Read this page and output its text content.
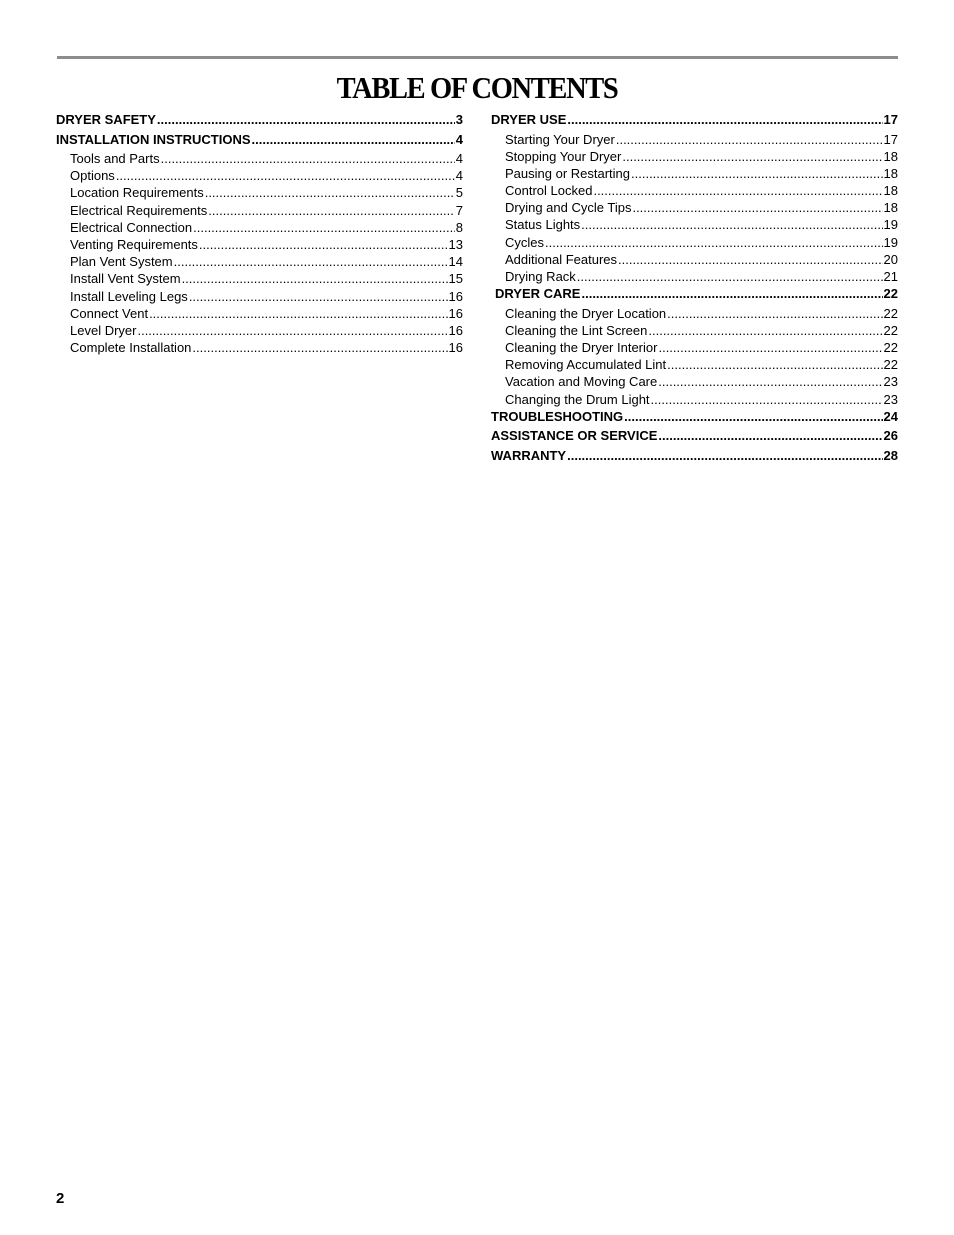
TABLE OF CONTENTS
DRYER SAFETY .....	3
INSTALLATION INSTRUCTIONS .....	4
Tools and Parts .....	4
Options .....	4
Location Requirements .....	5
Electrical Requirements .....	7
Electrical Connection .....	8
Venting Requirements .....	13
Plan Vent System .....	14
Install Vent System .....	15
Install Leveling Legs .....	16
Connect Vent .....	16
Level Dryer .....	16
Complete Installation .....	16
DRYER USE .....	17
Starting Your Dryer .....	17
Stopping Your Dryer .....	18
Pausing or Restarting .....	18
Control Locked .....	18
Drying and Cycle Tips .....	18
Status Lights .....	19
Cycles .....	19
Additional Features .....	20
Drying Rack .....	21
DRYER CARE .....	22
Cleaning the Dryer Location .....	22
Cleaning the Lint Screen .....	22
Cleaning the Dryer Interior .....	22
Removing Accumulated Lint .....	22
Vacation and Moving Care .....	23
Changing the Drum Light .....	23
TROUBLESHOOTING .....	24
ASSISTANCE OR SERVICE .....	26
WARRANTY .....	28
2
